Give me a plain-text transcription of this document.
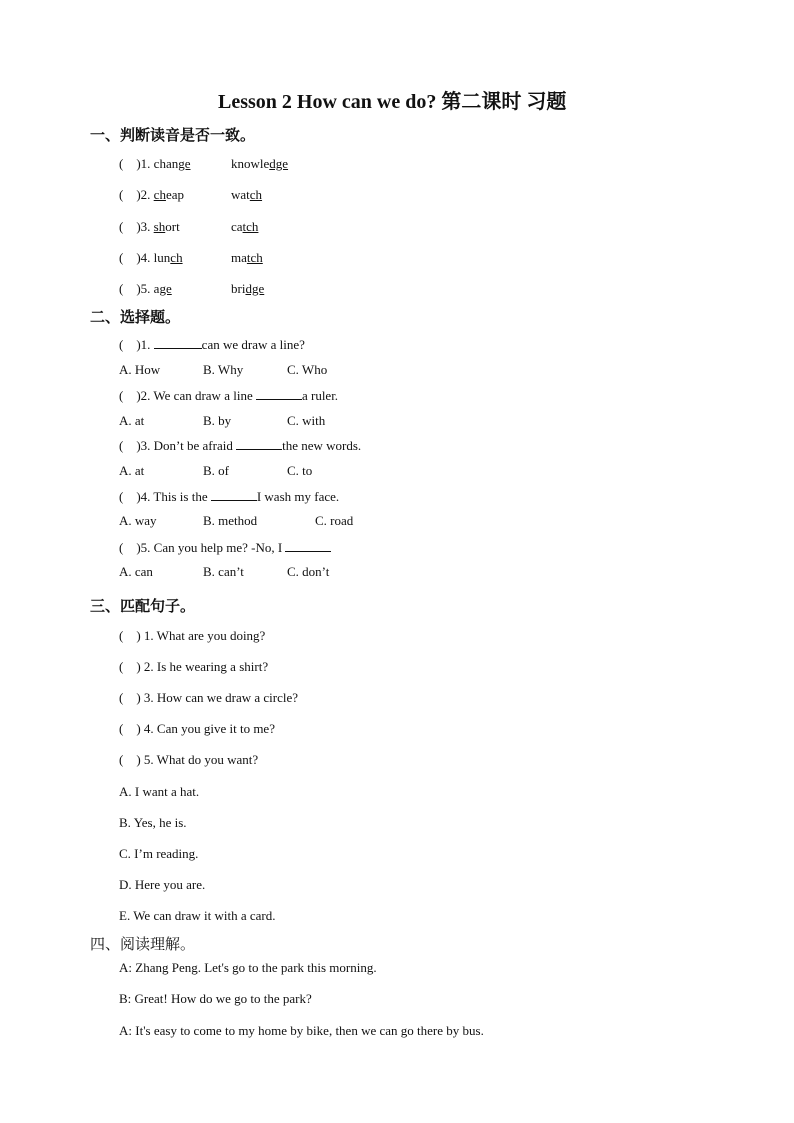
Lesson 2 How can we do? 第二课时 习题
一、判断读音是否一致。
(    )1. change	knowledge
(    )2. cheap	watch
(    )3. short	catch
(    )4. lunch	match
(    )5. age	bridge
二、选择题。
(    )1.	can we draw a line?
A. How	B. Why	C. Who
(    )2. We can draw a line	a ruler.
A. at	B. by	C. with
(    )3. Don’t be afraid	the new words.
A. at	B. of	C. to
(    )4. This is the	I wash my face.
A. way	B. method	C. road
(    )5. Can you help me? -No, I
A. can	B. can’t	C. don’t
三、匹配句子。
(    ) 1. What are you doing?
(    ) 2. Is he wearing a shirt?
(    ) 3. How can we draw a circle?
(    ) 4. Can you give it to me?
(    ) 5. What do you want?
A. I want a hat.
B. Yes, he is.
C. I’m reading.
D. Here you are.
E. We can draw it with a card.
四、阅读理解。
A: Zhang Peng. Let's go to the park this morning.
B: Great! How do we go to the park?
A: It's easy to come to my home by bike, then we can go there by bus.
